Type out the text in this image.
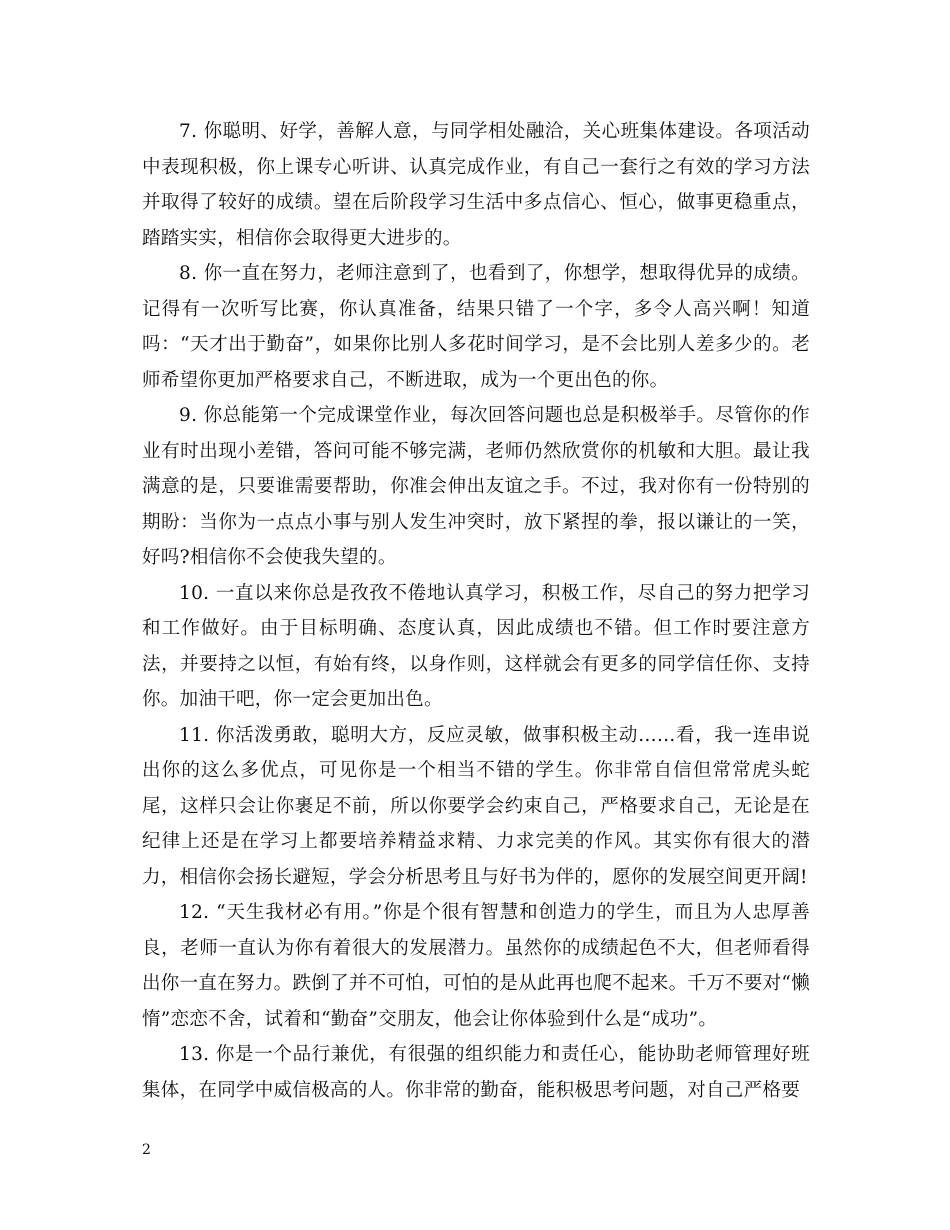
7. 你聪明、好学，善解人意，与同学相处融洽，关心班集体建设。各项活动中表现积极，你上课专心听讲、认真完成作业，有自己一套行之有效的学习方法并取得了较好的成绩。望在后阶段学习生活中多点信心、恒心，做事更稳重点，踏踏实实，相信你会取得更大进步的。

8. 你一直在努力，老师注意到了，也看到了，你想学，想取得优异的成绩。记得有一次听写比赛，你认真准备，结果只错了一个字，多令人高兴啊！知道吗：“天才出于勤奋”，如果你比别人多花时间学习，是不会比别人差多少的。老师希望你更加严格要求自己，不断进取，成为一个更出色的你。

9. 你总能第一个完成课堂作业，每次回答问题也总是积极举手。尽管你的作业有时出现小差错，答问可能不够完满，老师仍然欣赏你的机敏和大胆。最让我满意的是，只要谁需要帮助，你准会伸出友谊之手。不过，我对你有一份特别的期盼：当你为一点点小事与别人发生冲突时，放下紧捏的拳，报以谦让的一笑，好吗?相信你不会使我失望的。

10. 一直以来你总是孜孜不倦地认真学习，积极工作，尽自己的努力把学习和工作做好。由于目标明确、态度认真，因此成绩也不错。但工作时要注意方法，并要持之以恒，有始有终，以身作则，这样就会有更多的同学信任你、支持你。加油干吧，你一定会更加出色。

11. 你活泼勇敢，聪明大方，反应灵敏，做事积极主动……看，我一连串说出你的这么多优点，可见你是一个相当不错的学生。你非常自信但常常虎头蛇尾，这样只会让你裹足不前，所以你要学会约束自己，严格要求自己，无论是在纪律上还是在学习上都要培养精益求精、力求完美的作风。其实你有很大的潜力，相信你会扬长避短，学会分析思考且与好书为伴的，愿你的发展空间更开阔!

12. “天生我材必有用。”你是个很有智慧和创造力的学生，而且为人忠厚善良，老师一直认为你有着很大的发展潜力。虽然你的成绩起色不大，但老师看得出你一直在努力。跌倒了并不可怕，可怕的是从此再也爬不起来。千万不要对“懒惰”恋恋不舍，试着和“勤奋”交朋友，他会让你体验到什么是“成功”。

13. 你是一个品行兼优，有很强的组织能力和责任心，能协助老师管理好班集体，在同学中威信极高的人。你非常的勤奋，能积极思考问题，对自己严格要

2
